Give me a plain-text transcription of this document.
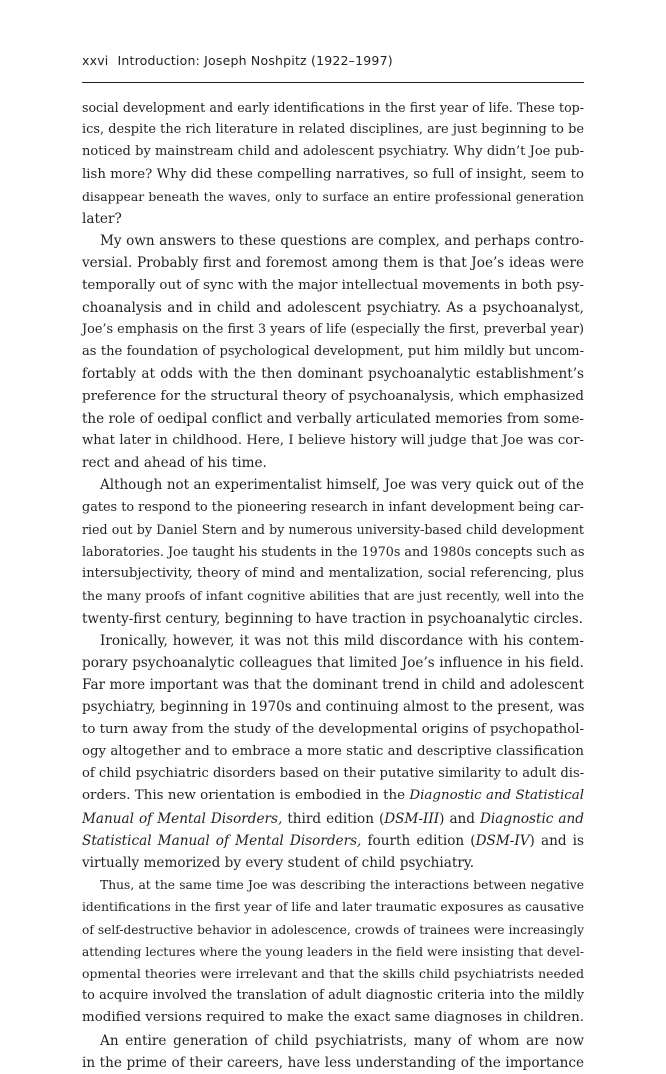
xxvi Introduction: Joseph Noshpitz (1922–1997)

social development and early identifications in the first year of life. These top-
ics, despite the rich literature in related disciplines, are just beginning to be
noticed by mainstream child and adolescent psychiatry. Why didn’t Joe pub-
lish more? Why did these compelling narratives, so full of insight, seem to
disappear beneath the waves, only to surface an entire professional generation
later?

My own answers to these questions are complex, and perhaps contro-
versial. Probably first and foremost among them is that Joe’s ideas were
temporally out of sync with the major intellectual movements in both psy-
choanalysis and in child and adolescent psychiatry. As a psychoanalyst,
Joe’s emphasis on the first 3 years of life (especially the first, preverbal year)
as the foundation of psychological development, put him mildly but uncom-
fortably at odds with the then dominant psychoanalytic establishment’s
preference for the structural theory of psychoanalysis, which emphasized
the role of oedipal conflict and verbally articulated memories from some-
what later in childhood. Here, I believe history will judge that Joe was cor-
rect and ahead of his time.

Although not an experimentalist himself, Joe was very quick out of the
gates to respond to the pioneering research in infant development being car-
ried out by Daniel Stern and by numerous university-based child development
laboratories. Joe taught his students in the 1970s and 1980s concepts such as
intersubjectivity, theory of mind and mentalization, social referencing, plus
the many proofs of infant cognitive abilities that are just recently, well into the
twenty-first century, beginning to have traction in psychoanalytic circles.

Ironically, however, it was not this mild discordance with his contem-
porary psychoanalytic colleagues that limited Joe’s influence in his field.
Far more important was that the dominant trend in child and adolescent
psychiatry, beginning in 1970s and continuing almost to the present, was
to turn away from the study of the developmental origins of psychopathol-
ogy altogether and to embrace a more static and descriptive classification
of child psychiatric disorders based on their putative similarity to adult dis-
orders. This new orientation is embodied in the Diagnostic and Statistical
Manual of Mental Disorders, third edition (DSM-III) and Diagnostic and
Statistical Manual of Mental Disorders, fourth edition (DSM-IV) and is
virtually memorized by every student of child psychiatry.

Thus, at the same time Joe was describing the interactions between negative
identifications in the first year of life and later traumatic exposures as causative
of self-destructive behavior in adolescence, crowds of trainees were increasingly
attending lectures where the young leaders in the field were insisting that devel-
opmental theories were irrelevant and that the skills child psychiatrists needed
to acquire involved the translation of adult diagnostic criteria into the mildly
modified versions required to make the exact same diagnoses in children.

An entire generation of child psychiatrists, many of whom are now
in the prime of their careers, have less understanding of the importance
